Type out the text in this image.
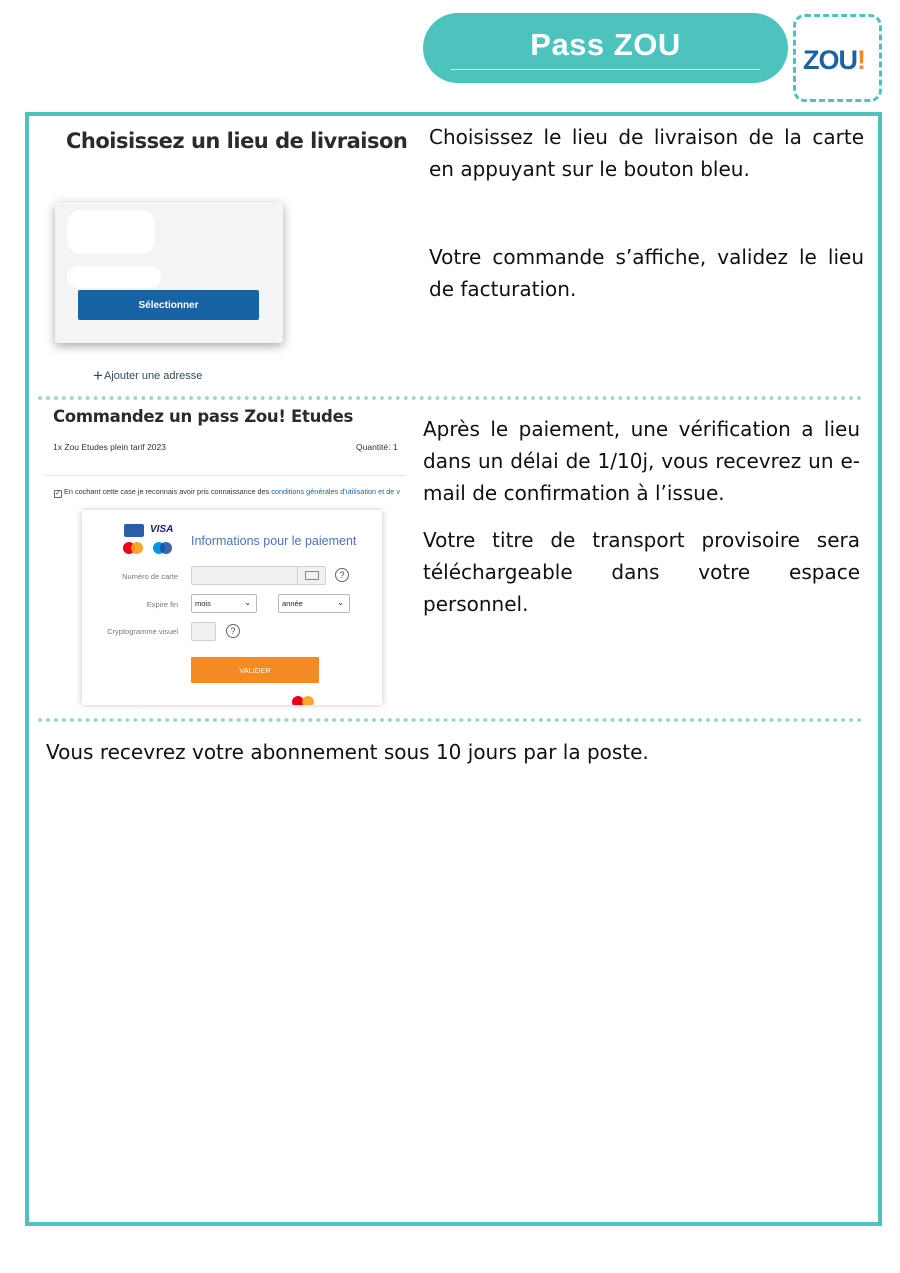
Pass ZOU	ZOU!
Choisissez un lieu de livraison
Sélectionner
+Ajouter une adresse
Choisissez le lieu de livraison de la carte en appuyant sur le bouton bleu.
Votre commande s’affiche, validez le lieu de facturation.
Commandez un pass Zou! Etudes
1x Zou Etudes plein tarif 2023	Quantité: 1
✓ En cochant cette case je reconnais avoir pris connaissance des conditions générales d'utilisation et de v
VISA
Informations pour le paiement
Numéro de carte	?
Expire fin	mois	⌄	année	⌄
Cryptogramme visuel	?
VALIDER
Après le paiement, une vérification a lieu dans un délai de 1/10j, vous recevrez un e-mail de confirmation à l’issue.
Votre titre de transport provisoire sera téléchargeable dans votre espace personnel.
Vous recevrez votre abonnement sous 10 jours par la poste.
